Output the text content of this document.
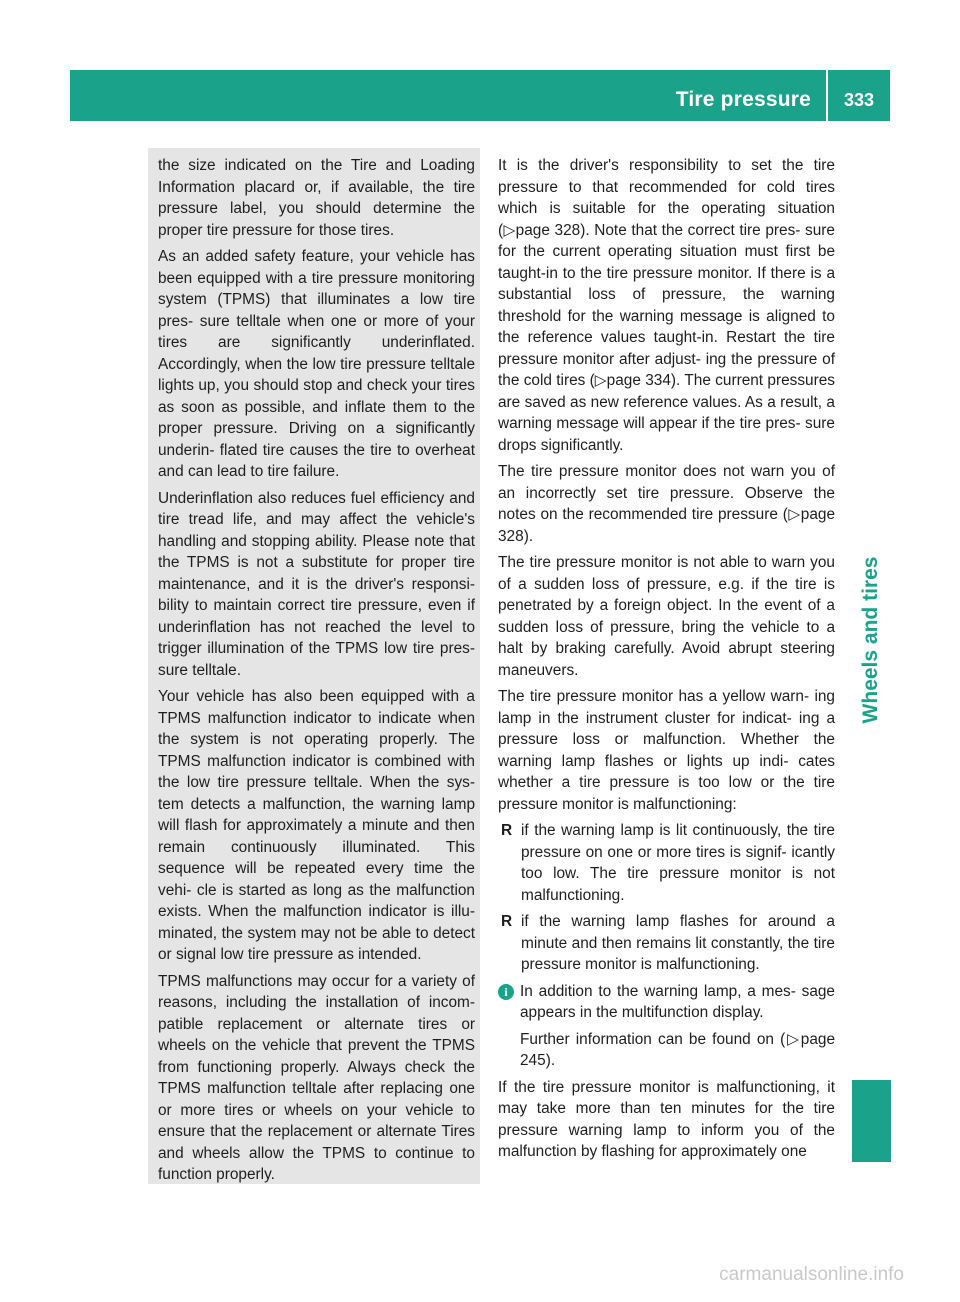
Tire pressure	333
Wheels and tires

the size indicated on the Tire and Loading Information placard or, if available, the tire pressure label, you should determine the proper tire pressure for those tires.

As an added safety feature, your vehicle has been equipped with a tire pressure monitoring system (TPMS) that illuminates a low tire pres- sure telltale when one or more of your tires are significantly underinflated. Accordingly, when the low tire pressure telltale lights up, you should stop and check your tires as soon as possible, and inflate them to the proper pressure. Driving on a significantly underin- flated tire causes the tire to overheat and can lead to tire failure.

Underinflation also reduces fuel efficiency and tire tread life, and may affect the vehicle's handling and stopping ability. Please note that the TPMS is not a substitute for proper tire maintenance, and it is the driver's responsi- bility to maintain correct tire pressure, even if underinflation has not reached the level to trigger illumination of the TPMS low tire pres- sure telltale.

Your vehicle has also been equipped with a TPMS malfunction indicator to indicate when the system is not operating properly. The TPMS malfunction indicator is combined with the low tire pressure telltale. When the sys- tem detects a malfunction, the warning lamp will flash for approximately a minute and then remain continuously illuminated. This sequence will be repeated every time the vehi- cle is started as long as the malfunction exists. When the malfunction indicator is illu- minated, the system may not be able to detect or signal low tire pressure as intended.

TPMS malfunctions may occur for a variety of reasons, including the installation of incom- patible replacement or alternate tires or wheels on the vehicle that prevent the TPMS from functioning properly. Always check the TPMS malfunction telltale after replacing one or more tires or wheels on your vehicle to ensure that the replacement or alternate Tires and wheels allow the TPMS to continue to function properly.

It is the driver's responsibility to set the tire pressure to that recommended for cold tires which is suitable for the operating situation (▷ page 328 ) . Note that the correct tire pres- sure for the current operating situation must first be taught-in to the tire pressure monitor. If there is a substantial loss of pressure, the warning threshold for the warning message is aligned to the reference values taught-in. Restart the tire pressure monitor after adjust- ing the pressure of the cold tires (▷ page 334 ) . The current pressures are saved as new reference values. As a result, a warning message will appear if the tire pres- sure drops significantly.

The tire pressure monitor does not warn you of an incorrectly set tire pressure. Observe the notes on the recommended tire pressure (▷ page 328 ) .

The tire pressure monitor is not able to warn you of a sudden loss of pressure, e.g. if the tire is penetrated by a foreign object. In the event of a sudden loss of pressure, bring the vehicle to a halt by braking carefully. Avoid abrupt steering maneuvers.

The tire pressure monitor has a yellow warn- ing lamp in the instrument cluster for indicat- ing a pressure loss or malfunction. Whether the warning lamp flashes or lights up indi- cates whether a tire pressure is too low or the tire pressure monitor is malfunctioning:

R if the warning lamp is lit continuously, the tire pressure on one or more tires is signif- icantly too low. The tire pressure monitor is not malfunctioning.
R if the warning lamp flashes for around a minute and then remains lit constantly, the tire pressure monitor is malfunctioning.
i In addition to the warning lamp, a mes- sage appears in the multifunction display.

Further information can be found on (▷ page 245 ) .

If the tire pressure monitor is malfunctioning, it may take more than ten minutes for the tire pressure warning lamp to inform you of the malfunction by flashing for approximately one

carmanualsonline.info
